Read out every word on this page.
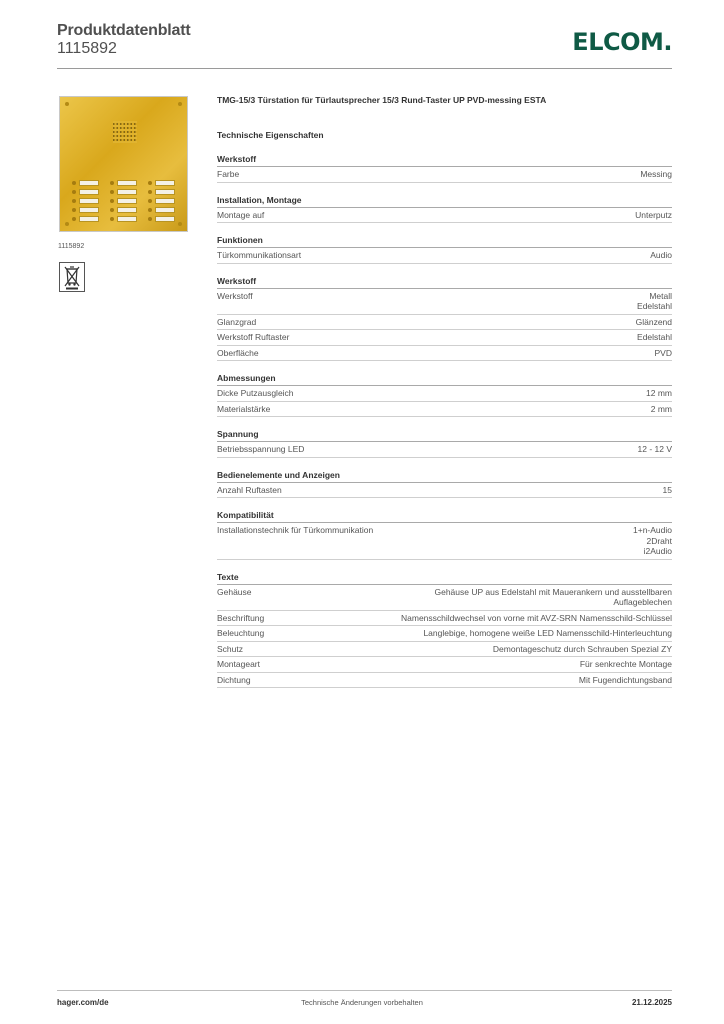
Produktdatenblatt
1115892	ELCOM.
1115892
TMG-15/3 Türstation für Türlautsprecher 15/3 Rund-Taster UP PVD-messing ESTA
Technische Eigenschaften
Werkstoff
Farbe	Messing
Installation, Montage
Montage auf	Unterputz
Funktionen
Türkommunikationsart	Audio
Werkstoff
Werkstoff	Metall
Edelstahl
Glanzgrad	Glänzend
Werkstoff Ruftaster	Edelstahl
Oberfläche	PVD
Abmessungen
Dicke Putzausgleich	12 mm
Materialstärke	2 mm
Spannung
Betriebsspannung LED	12 - 12 V
Bedienelemente und Anzeigen
Anzahl Ruftasten	15
Kompatibilität
Installationstechnik für Türkommunikation	1+n-Audio
2Draht
i2Audio
Texte
Gehäuse	Gehäuse UP aus Edelstahl mit Mauerankern und ausstellbaren Auflageblechen
Beschriftung	Namensschildwechsel von vorne mit AVZ-SRN Namensschild-Schlüssel
Beleuchtung	Langlebige, homogene weiße LED Namensschild-Hinterleuchtung
Schutz	Demontageschutz durch Schrauben Spezial ZY
Montageart	Für senkrechte Montage
Dichtung	Mit Fugendichtungsband
hager.com/de	Technische Änderungen vorbehalten	21.12.2025
